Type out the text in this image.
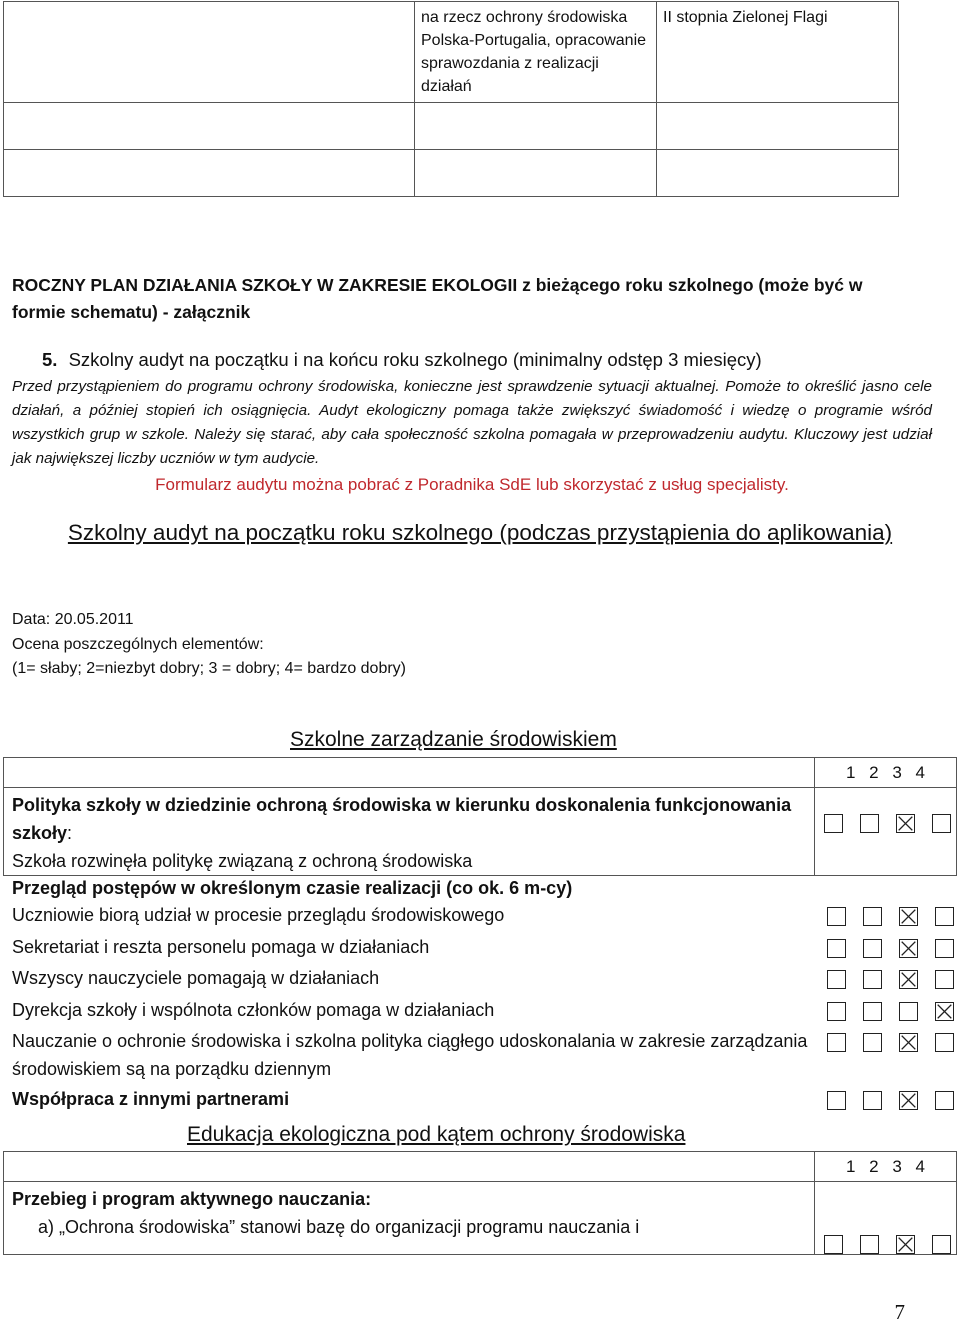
	na rzecz ochrony środowiska Polska-Portugalia, opracowanie sprawozdania z realizacji działań	II stopnia Zielonej Flagi

ROCZNY PLAN DZIAŁANIA SZKOŁY W ZAKRESIE EKOLOGII z bieżącego roku szkolnego (może być w formie schematu) - załącznik
5. Szkolny audyt na początku i na końcu roku szkolnego (minimalny odstęp 3 miesięcy)
Przed przystąpieniem do programu ochrony środowiska, konieczne jest sprawdzenie sytuacji aktualnej. Pomoże to określić jasno cele działań, a później stopień ich osiągnięcia. Audyt ekologiczny pomaga także zwiększyć świadomość i wiedzę o programie wśród wszystkich grup w szkole. Należy się starać, aby cała społeczność szkolna pomagała w przeprowadzeniu audytu. Kluczowy jest udział jak największej liczby uczniów w tym audycie.
Formularz audytu można pobrać z Poradnika SdE lub skorzystać z usług specjalisty.
Szkolny audyt na początku roku szkolnego (podczas przystąpienia do aplikowania)
Data: 20.05.2011
Ocena poszczególnych elementów:
(1= słaby; 2=niezbyt dobry; 3 = dobry; 4= bardzo dobry)
Szkolne zarządzanie środowiskiem
	1 2 3 4
Polityka szkoły w dziedzinie ochroną środowiska w kierunku doskonalenia funkcjonowania szkoły:
Szkoła rozwinęła politykę związaną z ochroną środowiska	
Przegląd postępów w określonym czasie realizacji (co ok. 6 m-cy)
Uczniowie biorą udział w procesie przeglądu środowiskowego
Sekretariat i reszta personelu pomaga w działaniach
Wszyscy nauczyciele pomagają w działaniach
Dyrekcja szkoły i wspólnota członków pomaga w działaniach
Nauczanie o ochronie środowiska i szkolna polityka ciągłego udoskonalania w zakresie zarządzania środowiskiem są na porządku dziennym
Współpraca z innymi partnerami
Edukacja ekologiczna pod kątem ochrony środowiska
	1 2 3 4
Przebieg i program aktywnego nauczania:
a) „Ochrona środowiska” stanowi bazę do organizacji programu nauczania i	
7
